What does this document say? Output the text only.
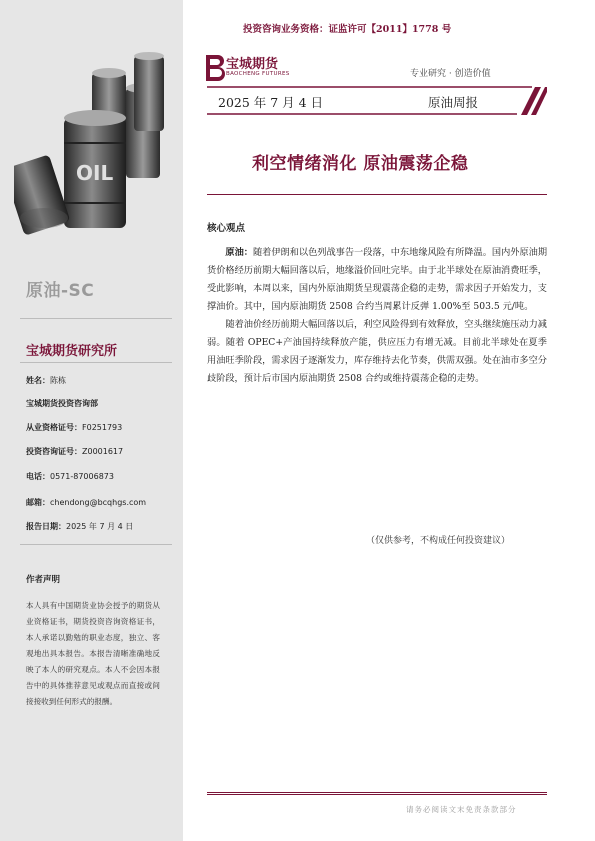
OIL
原油-SC
宝城期货研究所
姓名：陈栋
宝城期货投资咨询部
从业资格证号：F0251793
投资咨询证号：Z0001617
电话：0571-87006873
邮箱：chendong@bcqhgs.com
报告日期：2025 年 7 月 4 日
作者声明
本人具有中国期货业协会授予的期货从业资格证书，期货投资咨询资格证书，本人承诺以勤勉的职业态度，独立、客观地出具本报告。本报告清晰准确地反映了本人的研究观点。本人不会因本报告中的具体推荐意见或观点而直接或间接接收到任何形式的报酬。
投资咨询业务资格：证监许可【2011】1778 号
宝城期货
BAOCHENG FUTURES	专业研究 · 创造价值
2025 年 7 月 4 日	原油周报
利空情绪消化 原油震荡企稳
核心观点

原油：随着伊朗和以色列战事告一段落，中东地缘风险有所降温。国内外原油期货价格经历前期大幅回落以后，地缘溢价回吐完毕。由于北半球处在原油消费旺季，受此影响，本周以来，国内外原油期货呈现震荡企稳的走势，需求因子开始发力，支撑油价。其中，国内原油期货 2508 合约当周累计反弹 1.00%至 503.5 元/吨。

随着油价经历前期大幅回落以后，利空风险得到有效释放，空头继续施压动力减弱。随着 OPEC+产油国持续释放产能，供应压力有增无减。目前北半球处在夏季用油旺季阶段，需求因子逐渐发力，库存维持去化节奏，供需双强。处在油市多空分歧阶段，预计后市国内原油期货 2508 合约或维持震荡企稳的走势。

（仅供参考，不构成任何投资建议）
请务必阅读文末免责条款部分
